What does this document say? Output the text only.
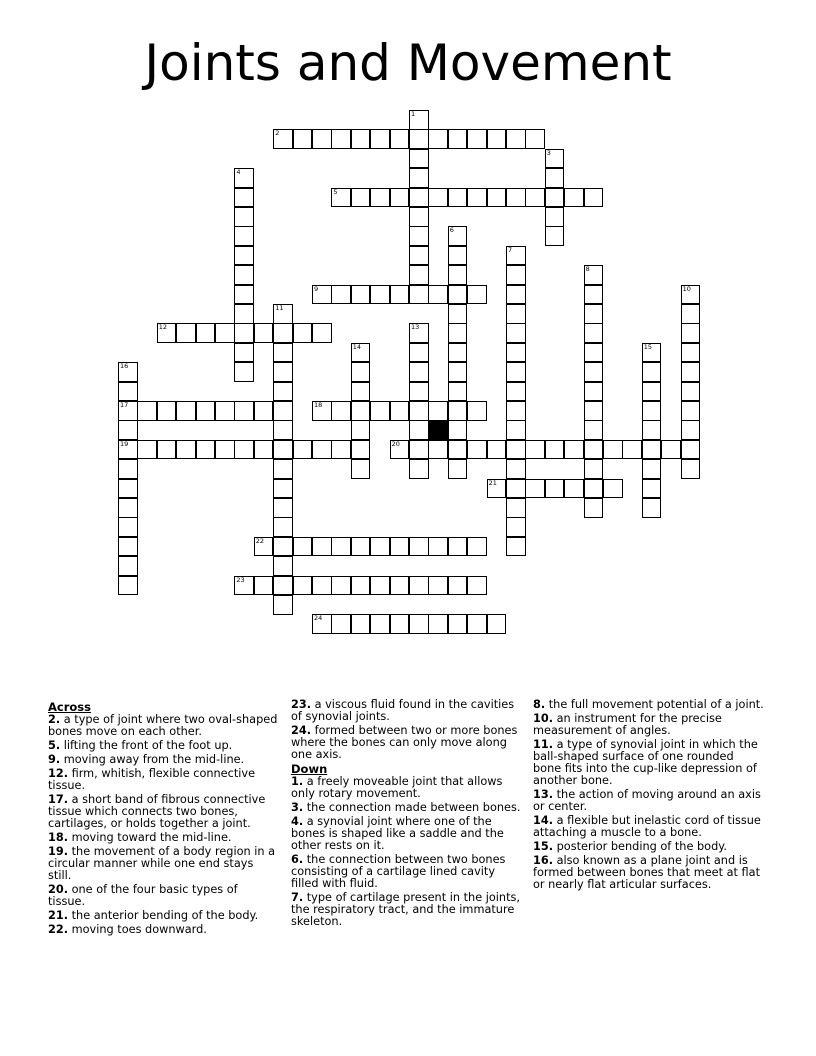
Joints and Movement
1
2
3
4
5
6
7
8
9	10
11
12	13
14	15
16
17
19
18
20
21
22
23
24
Across
2. a type of joint where two oval-shaped bones move on each other.
5. lifting the front of the foot up.
9. moving away from the mid-line.
12. firm, whitish, flexible connective tissue.
17. a short band of fibrous connective tissue which connects two bones, cartilages, or holds together a joint.
18. moving toward the mid-line.
19. the movement of a body region in a circular manner while one end stays still.
20. one of the four basic types of tissue.
21. the anterior bending of the body.
22. moving toes downward.
23. a viscous fluid found in the cavities of synovial joints.
24. formed between two or more bones where the bones can only move along one axis.
Down
1. a freely moveable joint that allows only rotary movement.
3. the connection made between bones.
4. a synovial joint where one of the bones is shaped like a saddle and the other rests on it.
6. the connection between two bones consisting of a cartilage lined cavity filled with fluid.
7. type of cartilage present in the joints, the respiratory tract, and the immature skeleton.
8. the full movement potential of a joint.
10. an instrument for the precise measurement of angles.
11. a type of synovial joint in which the ball-shaped surface of one rounded bone fits into the cup-like depression of another bone.
13. the action of moving around an axis or center.
14. a flexible but inelastic cord of tissue attaching a muscle to a bone.
15. posterior bending of the body.
16. also known as a plane joint and is formed between bones that meet at flat or nearly flat articular surfaces.
